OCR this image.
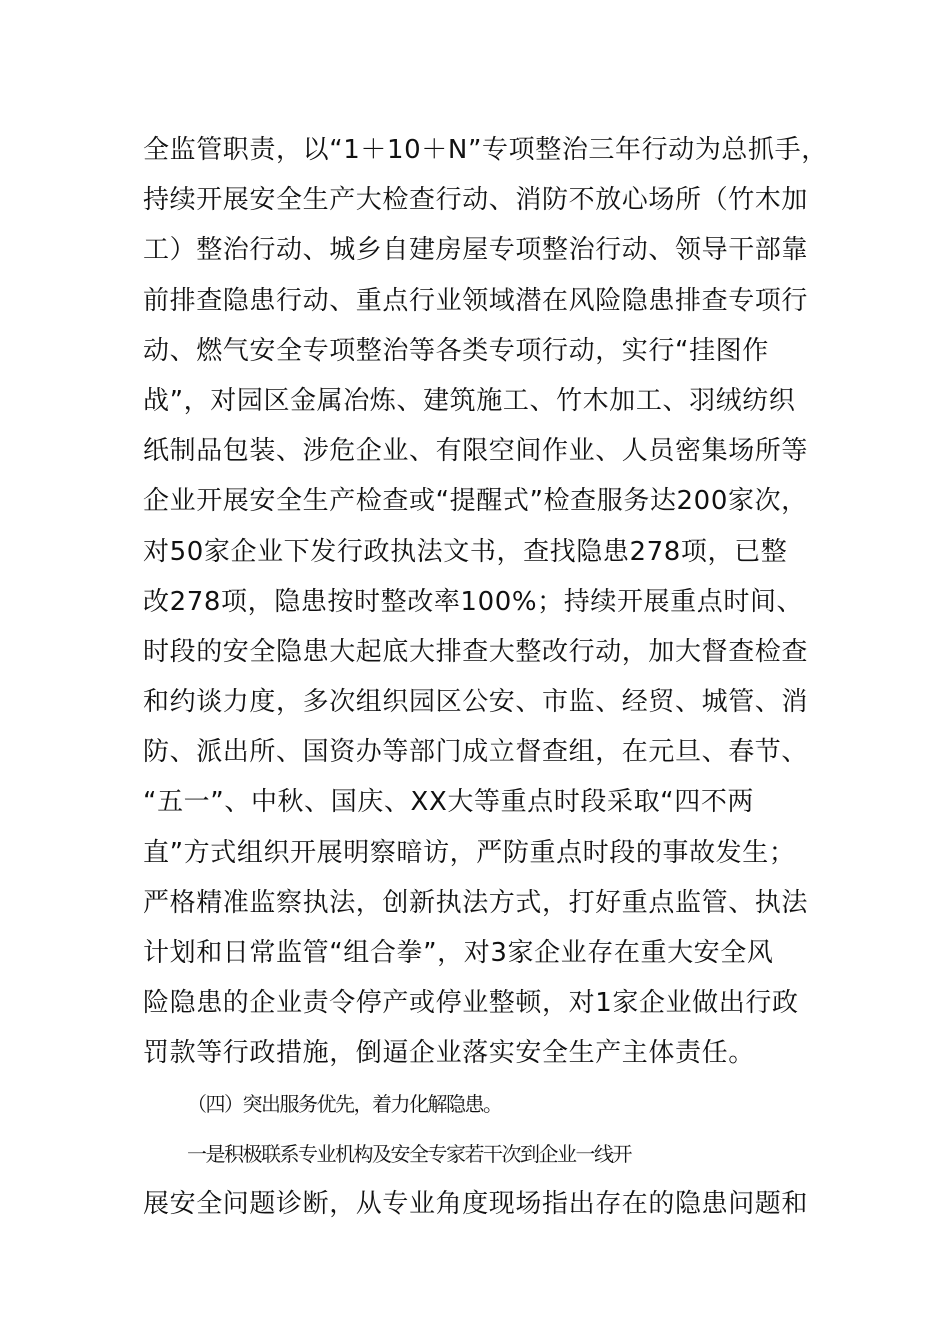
全监管职责，以“1＋10＋N”专项整治三年行动为总抓手，
持续开展安全生产大检查行动、消防不放心场所（竹木加
工）整治行动、城乡自建房屋专项整治行动、领导干部靠
前排查隐患行动、重点行业领域潜在风险隐患排查专项行
动、燃气安全专项整治等各类专项行动，实行“挂图作
战”，对园区金属冶炼、建筑施工、竹木加工、羽绒纺织
纸制品包装、涉危企业、有限空间作业、人员密集场所等
企业开展安全生产检查或“提醒式”检查服务达200家次，
对50家企业下发行政执法文书，查找隐患278项，已整
改278项，隐患按时整改率100%；持续开展重点时间、
时段的安全隐患大起底大排查大整改行动，加大督查检查
和约谈力度，多次组织园区公安、市监、经贸、城管、消
防、派出所、国资办等部门成立督查组，在元旦、春节、
“五一”、中秋、国庆、XX大等重点时段采取“四不两
直”方式组织开展明察暗访，严防重点时段的事故发生；
严格精准监察执法，创新执法方式，打好重点监管、执法
计划和日常监管“组合拳”，对3家企业存在重大安全风
险隐患的企业责令停产或停业整顿，对1家企业做出行政
罚款等行政措施，倒逼企业落实安全生产主体责任。
（四）突出服务优先，着力化解隐患。
一是积极联系专业机构及安全专家若干次到企业一线开
展安全问题诊断，从专业角度现场指出存在的隐患问题和
